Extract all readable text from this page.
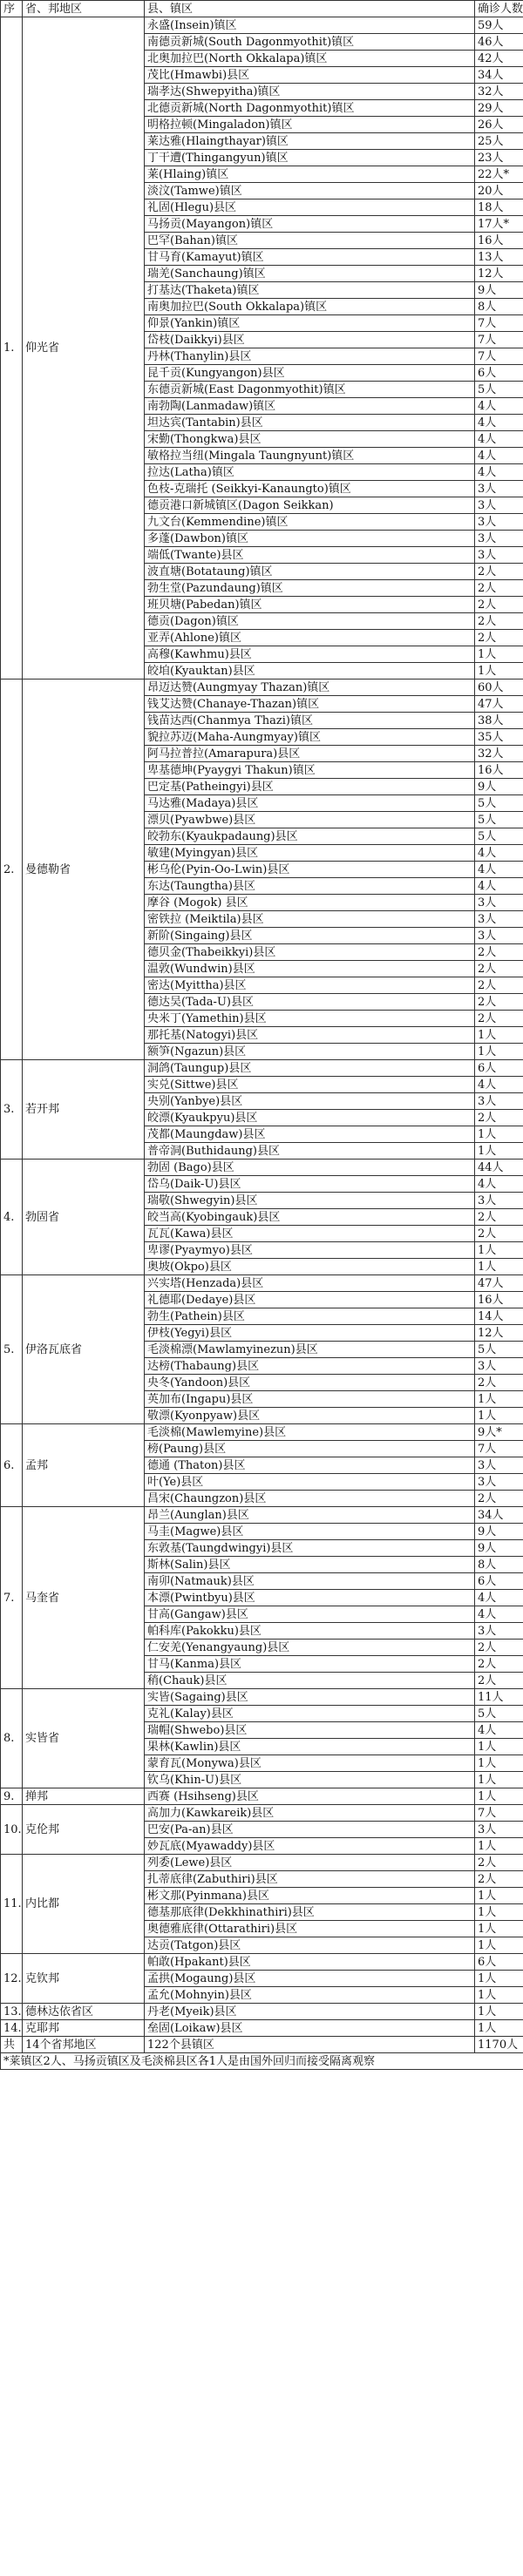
序	省、邦地区	县、镇区	确诊人数
1.	仰光省	永盛(Insein)镇区	59人
		南德贡新城(South Dagonmyothit)镇区	46人
		北奥加拉巴(North Okkalapa)镇区	42人
		茂比(Hmawbi)县区	34人
		瑞孝达(Shwepyitha)镇区	32人
		北德贡新城(North Dagonmyothit)镇区	29人
		明格拉顿(Mingaladon)镇区	26人
		莱达雅(Hlaingthayar)镇区	25人
		丁干遭(Thingangyun)镇区	23人
		莱(Hlaing)镇区	22人*
		淡汶(Tamwe)镇区	20人
		礼固(Hlegu)县区	18人
		马扬贡(Mayangon)镇区	17人*
		巴罕(Bahan)镇区	16人
		甘马育(Kamayut)镇区	13人
		瑞羌(Sanchaung)镇区	12人
		打基达(Thaketa)镇区	9人
		南奥加拉巴(South Okkalapa)镇区	8人
		仰景(Yankin)镇区	7人
		岱枝(Daikkyi)县区	7人
		丹林(Thanylin)县区	7人
		昆千贡(Kungyangon)县区	6人
		东德贡新城(East Dagonmyothit)镇区	5人
		南勃陶(Lanmadaw)镇区	4人
		坦达宾(Tantabin)县区	4人
		宋勤(Thongkwa)县区	4人
		敏格拉当纽(Mingala Taungnyunt)镇区	4人
		拉达(Latha)镇区	4人
		色枝-克瑞托 (Seikkyi-Kanaungto)镇区	3人
		德贡港口新城镇区(Dagon Seikkan)	3人
		九文台(Kemmendine)镇区	3人
		多蓬(Dawbon)镇区	3人
		端低(Twante)县区	3人
		波直塘(Botataung)镇区	2人
		勃生堂(Pazundaung)镇区	2人
		班贝塘(Pabedan)镇区	2人
		德贡(Dagon)镇区	2人
		亚弄(Ahlone)镇区	2人
		高穆(Kawhmu)县区	1人
		皎垍(Kyauktan)县区	1人
2.	曼德勒省	昂迈达赞(Aungmyay Thazan)镇区	60人
		钱艾达赞(Chanaye-Thazan)镇区	47人
		钱苗达西(Chanmya Thazi)镇区	38人
		貌拉苏迈(Maha-Aungmyay)镇区	35人
		阿马拉普拉(Amarapura)县区	32人
		卑基德坤(Pyaygyi Thakun)镇区	16人
		巴定基(Patheingyi)县区	9人
		马达雅(Madaya)县区	5人
		漂贝(Pyawbwe)县区	5人
		皎勃东(Kyaukpadaung)县区	5人
		敏建(Myingyan)县区	4人
		彬乌伦(Pyin-Oo-Lwin)县区	4人
		东达(Taungtha)县区	4人
		摩谷 (Mogok) 县区	3人
		密铁拉 (Meiktila)县区	3人
		新阶(Singaing)县区	3人
		德贝金(Thabeikkyi)县区	2人
		温敦(Wundwin)县区	2人
		密达(Myittha)县区	2人
		德达吴(Tada-U)县区	2人
		央米丁(Yamethin)县区	2人
		那托基(Natogyi)县区	1人
		额笋(Ngazun)县区	1人
3.	若开邦	洞鸽(Taungup)县区	6人
		实兑(Sittwe)县区	4人
		央别(Yanbye)县区	3人
		皎漂(Kyaukpyu)县区	2人
		茂都(Maungdaw)县区	1人
		普帝洞(Buthidaung)县区	1人
4.	勃固省	勃固 (Bago)县区	44人
		岱乌(Daik-U)县区	4人
		瑞敬(Shwegyin)县区	3人
		皎当高(Kyobingauk)县区	2人
		瓦瓦(Kawa)县区	2人
		卑谬(Pyaymyo)县区	1人
		奥坡(Okpo)县区	1人
5.	伊洛瓦底省	兴实塔(Henzada)县区	47人
		礼德耶(Dedaye)县区	16人
		勃生(Pathein)县区	14人
		伊枝(Yegyi)县区	12人
		毛淡棉漂(Mawlamyinezun)县区	5人
		达榜(Thabaung)县区	3人
		央冬(Yandoon)县区	2人
		英加布(Ingapu)县区	1人
		敬漂(Kyonpyaw)县区	1人
6.	孟邦	毛淡棉(Mawlemyine)县区	9人*
		榜(Paung)县区	7人
		德通 (Thaton)县区	3人
		叶(Ye)县区	3人
		昌宋(Chaungzon)县区	2人
7.	马奎省	昂兰(Aunglan)县区	34人
		马圭(Magwe)县区	9人
		东敦基(Taungdwingyi)县区	9人
		斯林(Salin)县区	8人
		南卯(Natmauk)县区	6人
		本漂(Pwintbyu)县区	4人
		甘高(Gangaw)县区	4人
		帕科库(Pakokku)县区	3人
		仁安羌(Yenangyaung)县区	2人
		甘马(Kanma)县区	2人
		稍(Chauk)县区	2人
8.	实皆省	实皆(Sagaing)县区	11人
		克礼(Kalay)县区	5人
		瑞帽(Shwebo)县区	4人
		果林(Kawlin)县区	1人
		蒙育瓦(Monywa)县区	1人
		钦乌(Khin-U)县区	1人
9.	掸邦	西赛 (Hsihseng)县区	1人
10.	克伦邦	高加力(Kawkareik)县区	7人
		巴安(Pa-an)县区	3人
		妙瓦底(Myawaddy)县区	1人
11.	内比都	列委(Lewe)县区	2人
		扎蒂底律(Zabuthiri)县区	2人
		彬文那(Pyinmana)县区	1人
		德基那底律(Dekkhinathiri)县区	1人
		奥德雅底律(Ottarathiri)县区	1人
		达贡(Tatgon)县区	1人
12.	克钦邦	帕敢(Hpakant)县区	6人
		孟拱(Mogaung)县区	1人
		孟允(Mohnyin)县区	1人
13.	德林达依省区	丹老(Myeik)县区	1人
14.	克耶邦	垒固(Loikaw)县区	1人
共	14个省邦地区	122个县镇区	1170人
*莱镇区2人、马扬贡镇区及毛淡棉县区各1人是由国外回归而接受隔离观察			
